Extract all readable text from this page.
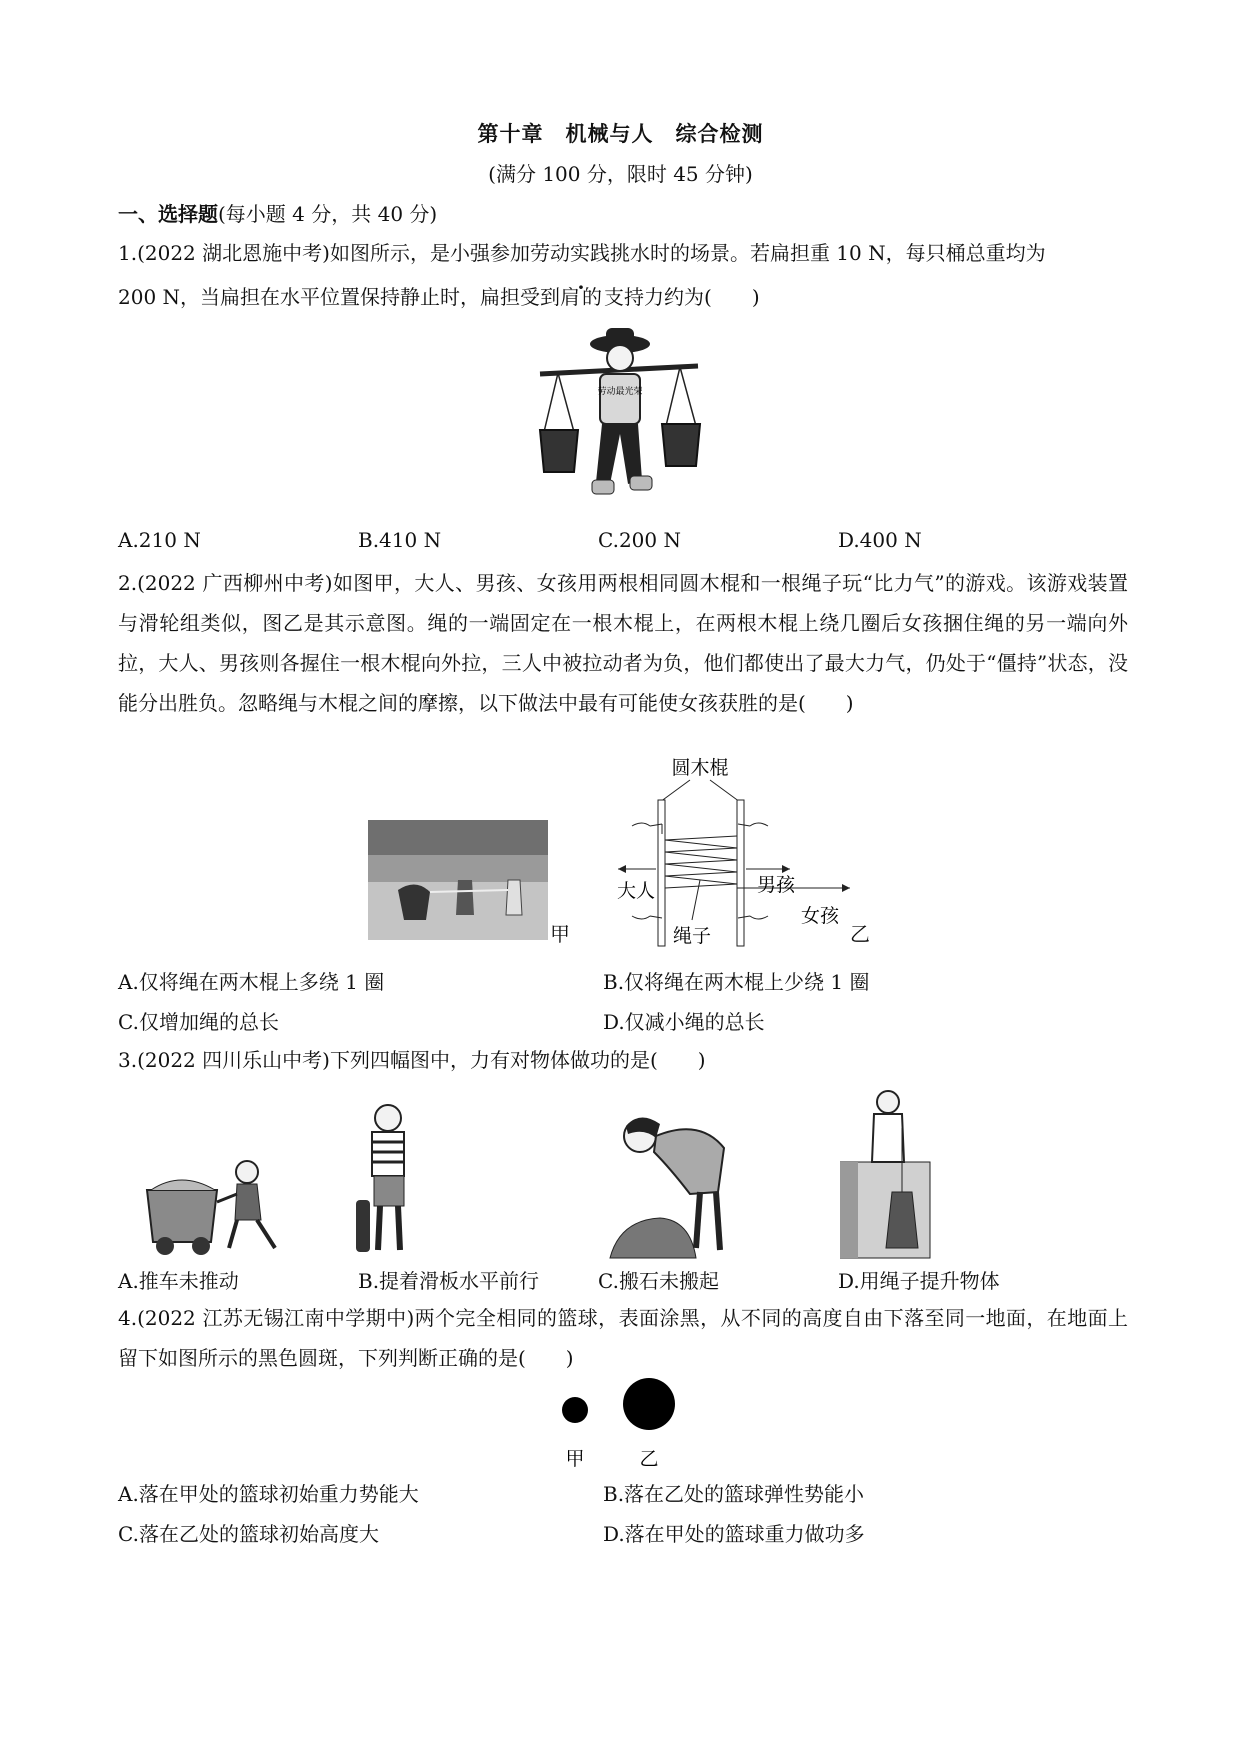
第十章　机械与人　综合检测
(满分 100 分，限时 45 分钟)
一、选择题(每小题 4 分，共 40 分)
1.(2022 湖北恩施中考)如图所示，是小强参加劳动实践挑水时的场景。若扁担重 10 N，每只桶总重均为
200 N，当扁担在水平位置保持静止时，扁担受到肩的支持力约为(　　)
劳动最光荣
A.210 N	B.410 N	C.200 N	D.400 N
2.(2022 广西柳州中考)如图甲，大人、男孩、女孩用两根相同圆木棍和一根绳子玩“比力气”的游戏。该游戏装置与滑轮组类似，图乙是其示意图。绳的一端固定在一根木棍上，在两根木棍上绕几圈后女孩捆住绳的另一端向外拉，大人、男孩则各握住一根木棍向外拉，三人中被拉动者为负，他们都使出了最大力气，仍处于“僵持”状态，没能分出胜负。忽略绳与木棍之间的摩擦，以下做法中最有可能使女孩获胜的是(　　)
甲
圆木棍
大人	男孩
女孩
绳子	乙
A.仅将绳在两木棍上多绕 1 圈	B.仅将绳在两木棍上少绕 1 圈
C.仅增加绳的总长	D.仅减小绳的总长
3.(2022 四川乐山中考)下列四幅图中，力有对物体做功的是(　　)
A.推车未推动	B.提着滑板水平前行	C.搬石未搬起	D.用绳子提升物体
4.(2022 江苏无锡江南中学期中)两个完全相同的篮球，表面涂黑，从不同的高度自由下落至同一地面，在地面上留下如图所示的黑色圆斑，下列判断正确的是(　　)
甲	乙
A.落在甲处的篮球初始重力势能大	B.落在乙处的篮球弹性势能小
C.落在乙处的篮球初始高度大	D.落在甲处的篮球重力做功多
